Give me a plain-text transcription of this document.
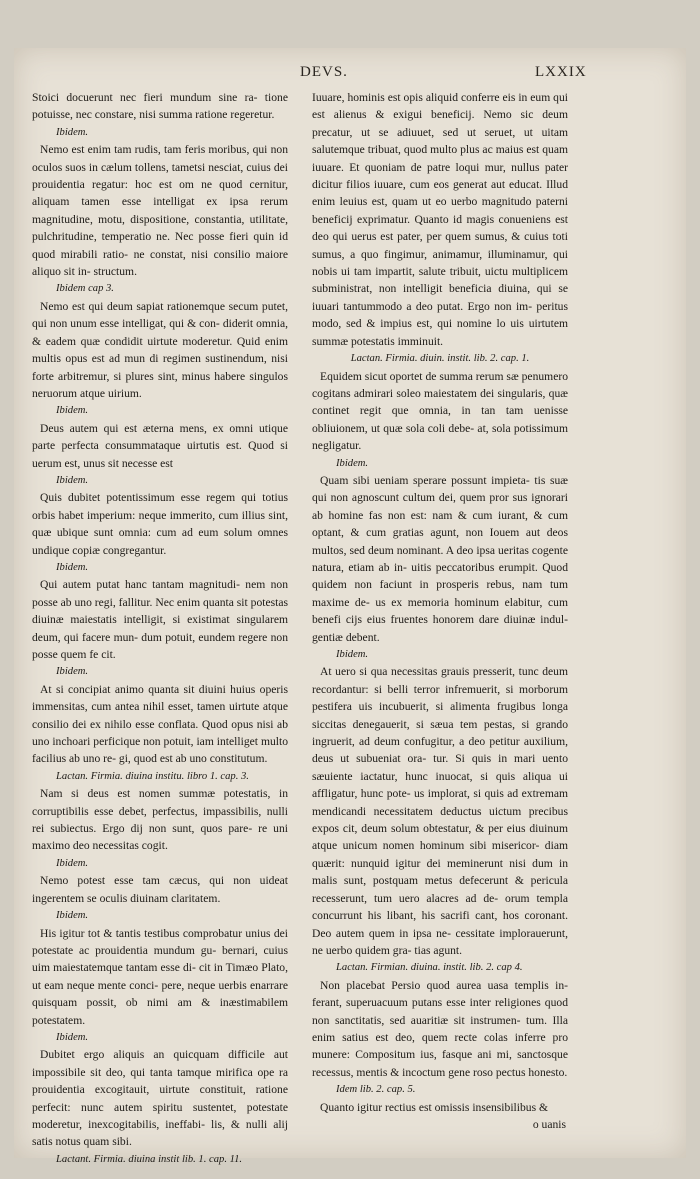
DEVS.	LXXIX

Stoici docuerunt nec fieri mundum sine ra- tione potuisse, nec constare, nisi summa ratione regeretur.

Ibidem.

Nemo est enim tam rudis, tam feris moribus, qui non oculos suos in cælum tollens, tametsi nesciat, cuius dei prouidentia regatur: hoc est om ne quod cernitur, aliquam tamen esse intelligat ex ipsa rerum magnitudine, motu, dispositione, constantia, utilitate, pulchritudine, temperatio ne. Nec posse fieri quin id quod mirabili ratio- ne constat, nisi consilio maiore aliquo sit in- structum.

Ibidem cap 3.

Nemo est qui deum sapiat rationemque secum putet, qui non unum esse intelligat, qui & con- diderit omnia, & eadem quæ condidit uirtute moderetur. Quid enim multis opus est ad mun di regimen sustinendum, nisi forte arbitremur, si plures sint, minus habere singulos neruorum atque uirium.

Ibidem.

Deus autem qui est æterna mens, ex omni utique parte perfecta consummataque uirtutis est. Quod si uerum est, unus sit necesse est

Ibidem.

Quis dubitet potentissimum esse regem qui totius orbis habet imperium: neque immerito, cum illius sint, quæ ubique sunt omnia: cum ad eum solum omnes undique copiæ congregantur.

Ibidem.

Qui autem putat hanc tantam magnitudi- nem non posse ab uno regi, fallitur. Nec enim quanta sit potestas diuinæ maiestatis intelligit, si existimat singularem deum, qui facere mun- dum potuit, eundem regere non posse quem fe cit.

Ibidem.

At si concipiat animo quanta sit diuini huius operis immensitas, cum antea nihil esset, tamen uirtute atque consilio dei ex nihilo esse conflata. Quod opus nisi ab uno inchoari perficique non potuit, iam intelliget multo facilius ab uno re- gi, quod est ab uno constitutum.

Lactan. Firmia. diuina institu. libro 1. cap. 3.

Nam si deus est nomen summæ potestatis, in corruptibilis esse debet, perfectus, impassibilis, nulli rei subiectus. Ergo dij non sunt, quos pare- re uni maximo deo necessitas cogit.

Ibidem.

Nemo potest esse tam cæcus, qui non uideat ingerentem se oculis diuinam claritatem.

Ibidem.

His igitur tot & tantis testibus comprobatur unius dei potestate ac prouidentia mundum gu- bernari, cuius uim maiestatemque tantam esse di- cit in Timæo Plato, ut eam neque mente conci- pere, neque uerbis enarrare quisquam possit, ob nimi am & inæstimabilem potestatem.

Ibidem.

Dubitet ergo aliquis an quicquam difficile aut impossibile sit deo, qui tanta tamque mirifica ope ra prouidentia excogitauit, uirtute constituit, ratione perfecit: nunc autem spiritu sustentet, potestate moderetur, inexcogitabilis, ineffabi- lis, & nulli alij satis notus quam sibi.

Lactant. Firmia. diuina instit lib. 1. cap. 11.

Iuuare, hominis est opis aliquid conferre eis in eum qui est alienus & exigui beneficij. Nemo sic deum precatur, ut se adiuuet, sed ut seruet, ut uitam salutemque tribuat, quod multo plus ac maius est quam iuuare. Et quoniam de patre loqui mur, nullus pater dicitur filios iuuare, cum eos generat aut educat. Illud enim leuius est, quam ut eo uerbo magnitudo paterni beneficij exprimatur. Quanto id magis conueniens est deo qui uerus est pater, per quem sumus, & cuius toti sumus, a quo fingimur, animamur, illuminamur, qui nobis ui tam impartit, salute tribuit, uictu multiplicem subministrat, non intelligit beneficia diuina, qui se iuuari tantummodo a deo putat. Ergo non im- peritus modo, sed & impius est, qui nomine lo uis uirtutem summæ potestatis imminuit.

Lactan. Firmia. diuin. instit. lib. 2. cap. 1.

Equidem sicut oportet de summa rerum sæ penumero cogitans admirari soleo maiestatem dei singularis, quæ continet regit que omnia, in tan tam uenisse obliuionem, ut quæ sola coli debe- at, sola potissimum negligatur.

Ibidem.

Quam sibi ueniam sperare possunt impieta- tis suæ qui non agnoscunt cultum dei, quem pror sus ignorari ab homine fas non est: nam & cum iurant, & cum optant, & cum gratias agunt, non Iouem aut deos multos, sed deum nominant. A deo ipsa ueritas cogente natura, etiam ab in- uitis peccatoribus erumpit. Quod quidem non faciunt in prosperis rebus, nam tum maxime de- us ex memoria hominum elabitur, cum benefi cijs eius fruentes honorem dare diuinæ indul- gentiæ debent.

Ibidem.

At uero si qua necessitas grauis presserit, tunc deum recordantur: si belli terror infremuerit, si morborum pestifera uis incubuerit, si alimenta frugibus longa siccitas denegauerit, si sæua tem pestas, si grando ingruerit, ad deum confugitur, a deo petitur auxilium, deus ut subueniat ora- tur. Si quis in mari uento sæuiente iactatur, hunc inuocat, si quis aliqua ui affligatur, hunc pote- us implorat, si quis ad extremam mendicandi necessitatem deductus uictum precibus expos cit, deum solum obtestatur, & per eius diuinum atque unicum nomen hominum sibi misericor- diam quærit: nunquid igitur dei meminerunt nisi dum in malis sunt, postquam metus defecerunt & pericula recesserunt, tum uero alacres ad de- orum templa concurrunt his libant, his sacrifi cant, hos coronant. Deo autem quem in ipsa ne- cessitate implorauerunt, ne uerbo quidem gra- tias agunt.

Lactan. Firmian. diuina. instit. lib. 2. cap 4.

Non placebat Persio quod aurea uasa templis in- ferant, superuacuum putans esse inter religiones quod non sanctitatis, sed auaritiæ sit instrumen- tum. Illa enim satius est deo, quem recte colas inferre pro munere: Compositum ius, fasque ani mi, sanctosque recessus, mentis & incoctum gene roso pectus honesto.

Idem lib. 2. cap. 5.

Quanto igitur rectius est omissis insensibilibus &

o uanis
